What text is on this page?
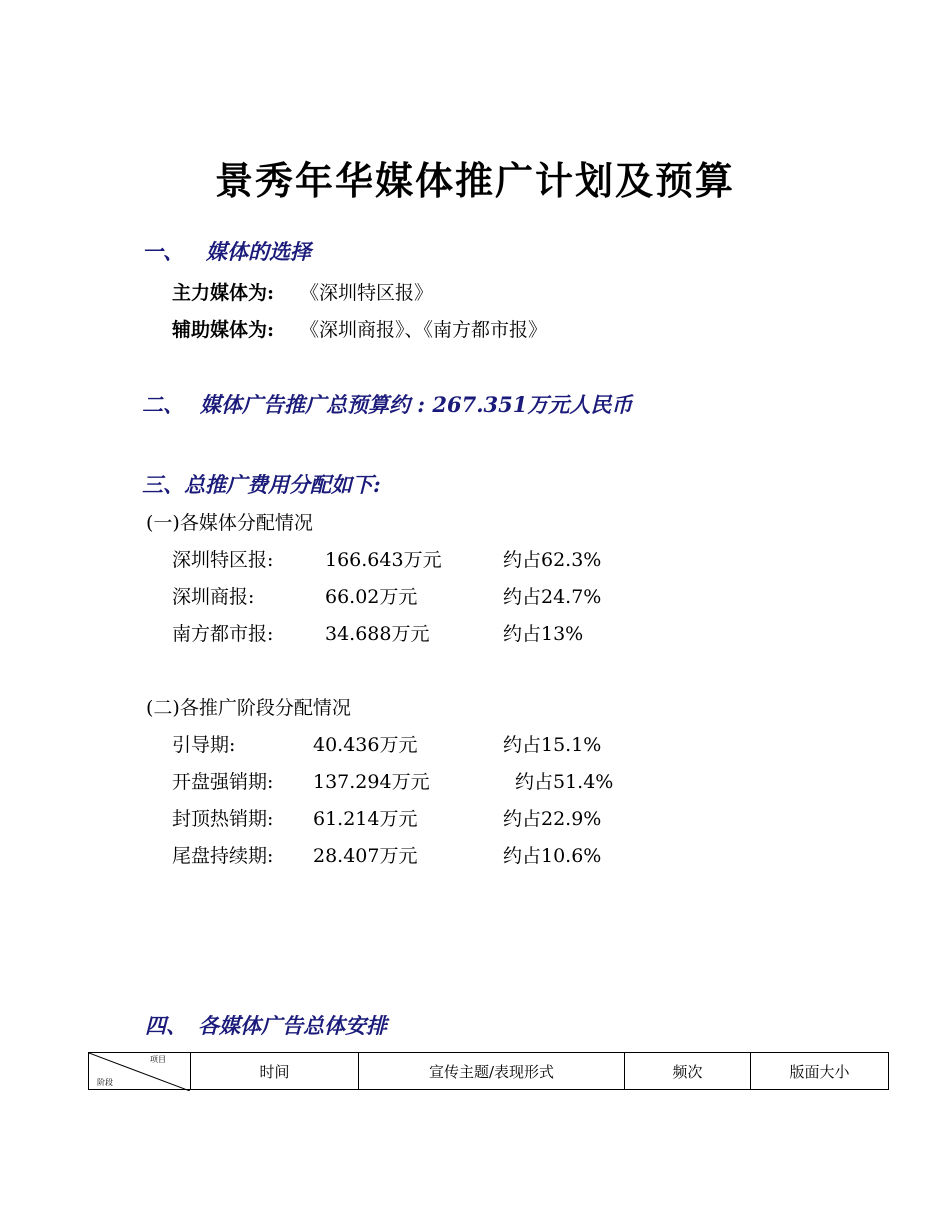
景秀年华媒体推广计划及预算
一、 媒体的选择
主力媒体为: 《深圳特区报》
辅助媒体为: 《深圳商报》、《南方都市报》
二、 媒体广告推广总预算约 : 267.351万元人民币
三、总推广费用分配如下:
(一)各媒体分配情况
深圳特区报:	166.643万元	约占62.3%
深圳商报:	66.02万元	约占24.7%
南方都市报:	34.688万元	约占13%
(二)各推广阶段分配情况
引导期:	40.436万元	约占15.1%
开盘强销期: 137.294万元	约占51.4%
封顶热销期: 61.214万元	约占22.9%
尾盘持续期: 28.407万元	约占10.6%
四、 各媒体广告总体安排
项目
阶段
	时间	宣传主题/表现形式	频次	版面大小
